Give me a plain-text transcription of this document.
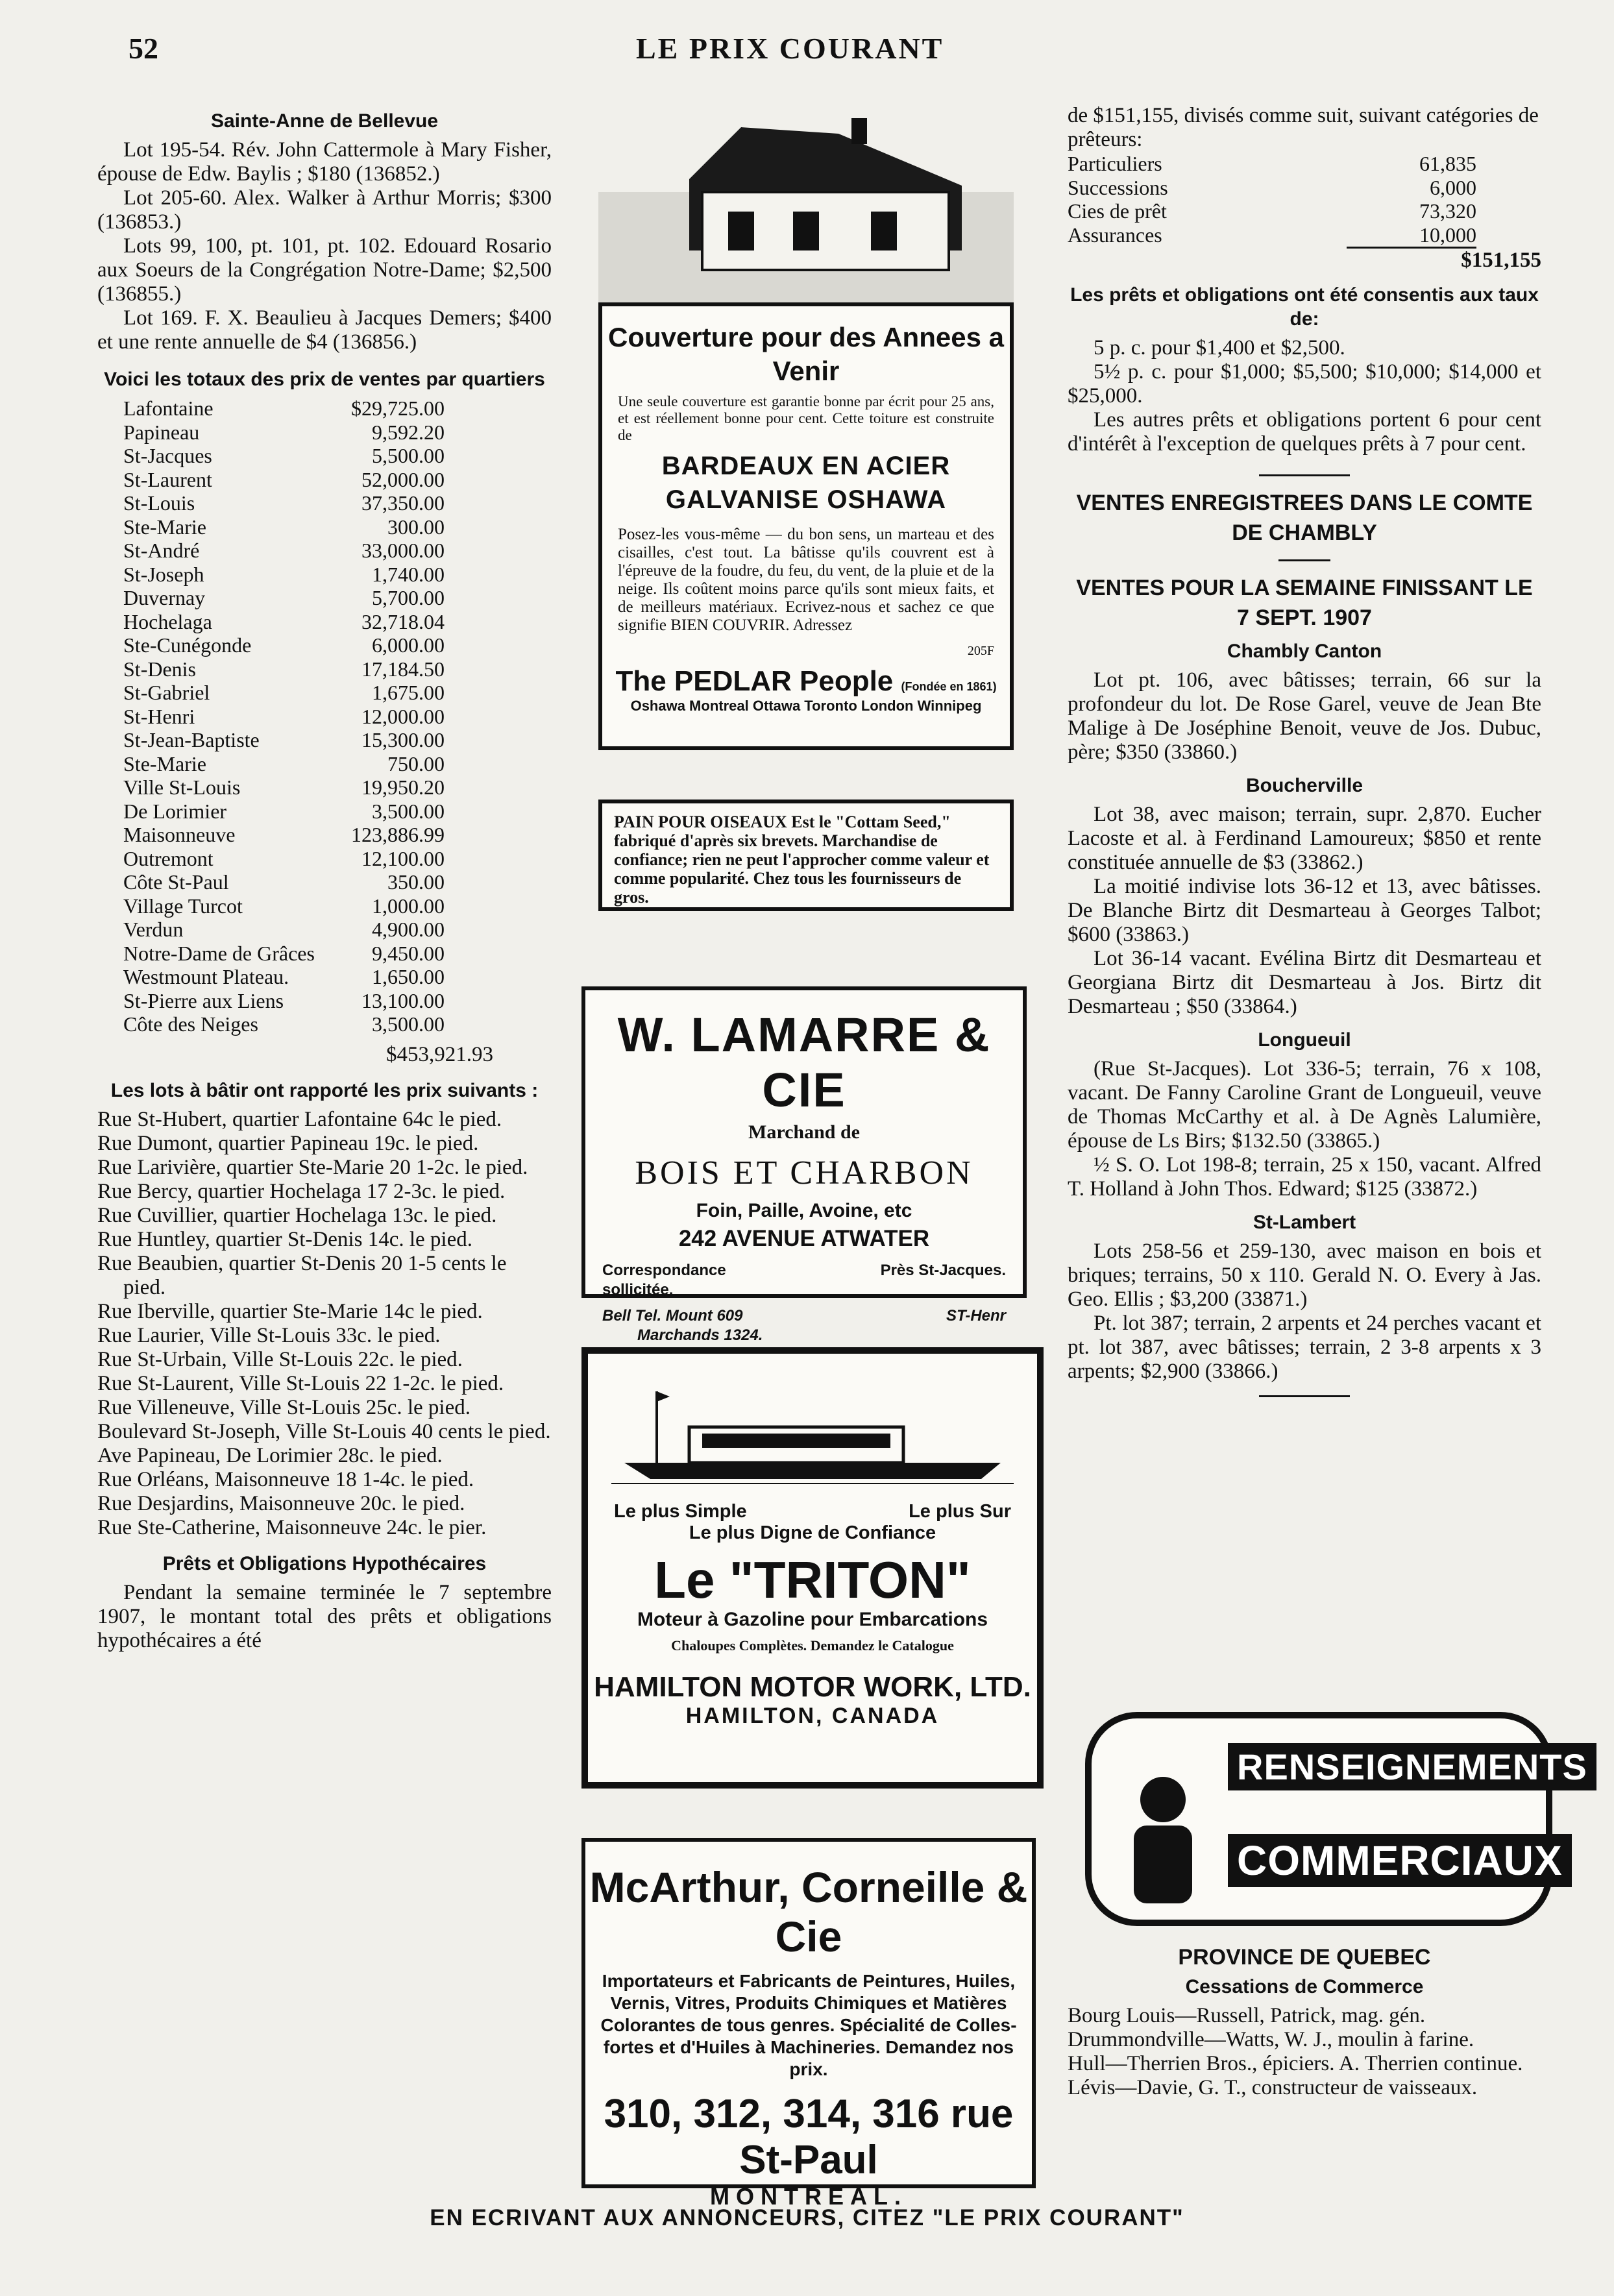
52	LE PRIX COURANT
Sainte-Anne de Bellevue

Lot 195-54. Rév. John Cattermole à Mary Fisher, épouse de Edw. Baylis ; $180 (136852.)

Lot 205-60. Alex. Walker à Arthur Morris; $300 (136853.)

Lots 99, 100, pt. 101, pt. 102. Edouard Rosario aux Soeurs de la Congrégation Notre-Dame; $2,500 (136855.)

Lot 169. F. X. Beaulieu à Jacques Demers; $400 et une rente annuelle de $4 (136856.)

Voici les totaux des prix de ventes par quartiers
Lafontaine	$29,725.00
Papineau	9,592.20
St-Jacques	5,500.00
St-Laurent	52,000.00
St-Louis	37,350.00
Ste-Marie	300.00
St-André	33,000.00
St-Joseph	1,740.00
Duvernay	5,700.00
Hochelaga	32,718.04
Ste-Cunégonde	6,000.00
St-Denis	17,184.50
St-Gabriel	1,675.00
St-Henri	12,000.00
St-Jean-Baptiste	15,300.00
Ste-Marie	750.00
Ville St-Louis	19,950.20
De Lorimier	3,500.00
Maisonneuve	123,886.99
Outremont	12,100.00
Côte St-Paul	350.00
Village Turcot	1,000.00
Verdun	4,900.00
Notre-Dame de Grâces	9,450.00
Westmount Plateau.	1,650.00
St-Pierre aux Liens	13,100.00
Côte des Neiges	3,500.00
$453,921.93
Les lots à bâtir ont rapporté les prix suivants :

Rue St-Hubert, quartier Lafontaine 64c le pied.

Rue Dumont, quartier Papineau 19c. le pied.

Rue Larivière, quartier Ste-Marie 20 1-2c. le pied.

Rue Bercy, quartier Hochelaga 17 2-3c. le pied.

Rue Cuvillier, quartier Hochelaga 13c. le pied.

Rue Huntley, quartier St-Denis 14c. le pied.

Rue Beaubien, quartier St-Denis 20 1-5 cents le pied.

Rue Iberville, quartier Ste-Marie 14c le pied.

Rue Laurier, Ville St-Louis 33c. le pied.

Rue St-Urbain, Ville St-Louis 22c. le pied.

Rue St-Laurent, Ville St-Louis 22 1-2c. le pied.

Rue Villeneuve, Ville St-Louis 25c. le pied.

Boulevard St-Joseph, Ville St-Louis 40 cents le pied.

Ave Papineau, De Lorimier 28c. le pied.

Rue Orléans, Maisonneuve 18 1-4c. le pied.

Rue Desjardins, Maisonneuve 20c. le pied.

Rue Ste-Catherine, Maisonneuve 24c. le pier.

Prêts et Obligations Hypothécaires

Pendant la semaine terminée le 7 septembre 1907, le montant total des prêts et obligations hypothécaires a été

Couverture pour des Annees a Venir
Une seule couverture est garantie bonne par écrit pour 25 ans, et est réellement bonne pour cent. Cette toiture est construite de
BARDEAUX EN ACIER GALVANISE OSHAWA
Posez-les vous-même — du bon sens, un marteau et des cisailles, c'est tout. La bâtisse qu'ils couvrent est à l'épreuve de la foudre, du feu, du vent, de la pluie et de la neige. Ils coûtent moins parce qu'ils sont mieux faits, et de meilleurs matériaux. Ecrivez-nous et sachez ce que signifie BIEN COUVRIR. Adressez
205F
The PEDLAR People (Fondée en 1861)
Oshawa Montreal Ottawa Toronto London Winnipeg
PAIN POUR OISEAUX Est le "Cottam Seed," fabriqué d'après six brevets. Marchandise de confiance; rien ne peut l'approcher comme valeur et comme popularité. Chez tous les fournisseurs de gros.
W. LAMARRE & CIE
Marchand de
BOIS ET CHARBON
Foin, Paille, Avoine, etc
242 AVENUE ATWATER
Correspondance sollicitée.
Près St-Jacques.
Bell Tel. Mount 609	ST-Henr
Marchands 1324.
Le plus Simple	Le plus Sur
Le plus Digne de Confiance
Le "TRITON"
Moteur à Gazoline pour Embarcations
Chaloupes Complètes. Demandez le Catalogue
HAMILTON MOTOR WORK, LTD.
HAMILTON, CANADA
McArthur, Corneille & Cie
Importateurs et Fabricants de Peintures, Huiles, Vernis, Vitres, Produits Chimiques et Matières Colorantes de tous genres. Spécialité de Colles-fortes et d'Huiles à Machineries. Demandez nos prix.
310, 312, 314, 316 rue St-Paul
MONTREAL.

de $151,155, divisés comme suit, suivant catégories de prêteurs:

Particuliers	61,835
Successions	6,000
Cies de prêt	73,320
Assurances	10,000
$151,155
Les prêts et obligations ont été consentis aux taux de:

5 p. c. pour $1,400 et $2,500.

5½ p. c. pour $1,000; $5,500; $10,000; $14,000 et $25,000.

Les autres prêts et obligations portent 6 pour cent d'intérêt à l'exception de quelques prêts à 7 pour cent.

VENTES ENREGISTREES DANS LE COMTE DE CHAMBLY
VENTES POUR LA SEMAINE FINISSANT LE 7 SEPT. 1907
Chambly Canton

Lot pt. 106, avec bâtisses; terrain, 66 sur la profondeur du lot. De Rose Garel, veuve de Jean Bte Malige à De Joséphine Benoit, veuve de Jos. Dubuc, père; $350 (33860.)

Boucherville

Lot 38, avec maison; terrain, supr. 2,870. Eucher Lacoste et al. à Ferdinand Lamoureux; $850 et rente constituée annuelle de $3 (33862.)

La moitié indivise lots 36-12 et 13, avec bâtisses. De Blanche Birtz dit Desmarteau à Georges Talbot; $600 (33863.)

Lot 36-14 vacant. Evélina Birtz dit Desmarteau et Georgiana Birtz dit Desmarteau à Jos. Birtz dit Desmarteau ; $50 (33864.)

Longueuil

(Rue St-Jacques). Lot 336-5; terrain, 76 x 108, vacant. De Fanny Caroline Grant de Longueuil, veuve de Thomas McCarthy et al. à De Agnès Lalumière, épouse de Ls Birs; $132.50 (33865.)

½ S. O. Lot 198-8; terrain, 25 x 150, vacant. Alfred T. Holland à John Thos. Edward; $125 (33872.)

St-Lambert

Lots 258-56 et 259-130, avec maison en bois et briques; terrains, 50 x 110. Gerald N. O. Every à Jas. Geo. Ellis ; $3,200 (33871.)

Pt. lot 387; terrain, 2 arpents et 24 perches vacant et pt. lot 387, avec bâtisses; terrain, 2 3-8 arpents x 3 arpents; $2,900 (33866.)

RENSEIGNEMENTS
COMMERCIAUX
PROVINCE DE QUEBEC
Cessations de Commerce

Bourg Louis—Russell, Patrick, mag. gén.

Drummondville—Watts, W. J., moulin à farine.

Hull—Therrien Bros., épiciers. A. Therrien continue.

Lévis—Davie, G. T., constructeur de vaisseaux.

EN ECRIVANT AUX ANNONCEURS, CITEZ "LE PRIX COURANT"
